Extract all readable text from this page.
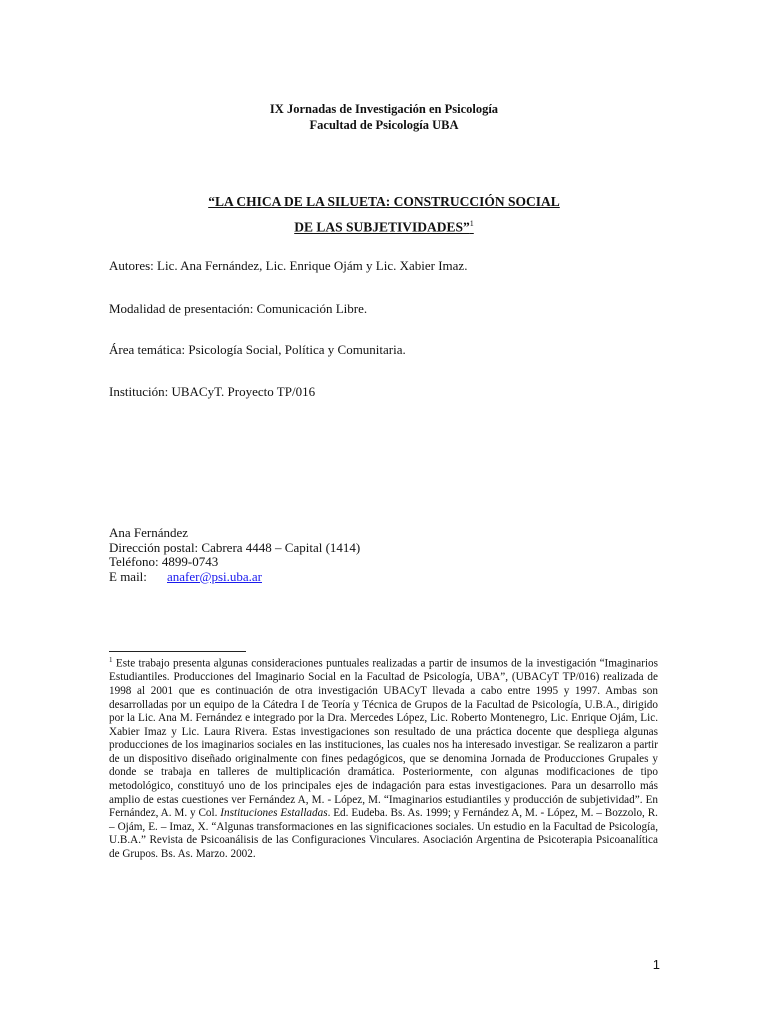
IX Jornadas de Investigación en Psicología
Facultad de Psicología UBA
“LA CHICA DE LA SILUETA: CONSTRUCCIÓN SOCIAL
DE LAS SUBJETIVIDADES”$^1$
Autores: Lic. Ana Fernández, Lic. Enrique Ojám y Lic. Xabier Imaz.
Modalidad de presentación: Comunicación Libre.
Área temática: Psicología Social, Política y Comunitaria.
Institución: UBACyT. Proyecto TP/016
Ana Fernández
Dirección postal: Cabrera 4448 – Capital (1414)
Teléfono: 4899-0743
E mail: anafer@psi.uba.ar
$^1$ Este trabajo presenta algunas consideraciones puntuales realizadas a partir de insumos de la investigación “Imaginarios Estudiantiles. Producciones del Imaginario Social en la Facultad de Psicología, UBA”, (UBACyT TP/016) realizada de 1998 al 2001 que es continuación de otra investigación UBACyT llevada a cabo entre 1995 y 1997. Ambas son desarrolladas por un equipo de la Cátedra I de Teoría y Técnica de Grupos de la Facultad de Psicología, U.B.A., dirigido por la Lic. Ana M. Fernández e integrado por la Dra. Mercedes López, Lic. Roberto Montenegro, Lic. Enrique Ojám, Lic. Xabier Imaz y Lic. Laura Rivera. Estas investigaciones son resultado de una práctica docente que despliega algunas producciones de los imaginarios sociales en las instituciones, las cuales nos ha interesado investigar. Se realizaron a partir de un dispositivo diseñado originalmente con fines pedagógicos, que se denomina Jornada de Producciones Grupales y donde se trabaja en talleres de multiplicación dramática. Posteriormente, con algunas modificaciones de tipo metodológico, constituyó uno de los principales ejes de indagación para estas investigaciones. Para un desarrollo más amplio de estas cuestiones ver Fernández A, M. - López, M. “Imaginarios estudiantiles y producción de subjetividad”. En Fernández, A. M. y Col. Instituciones Estalladas. Ed. Eudeba. Bs. As. 1999; y Fernández A, M. - López, M. – Bozzolo, R. – Ojám, E. – Imaz, X. “Algunas transformaciones en las significaciones sociales. Un estudio en la Facultad de Psicología, U.B.A.” Revista de Psicoanálisis de las Configuraciones Vinculares. Asociación Argentina de Psicoterapia Psicoanalítica de Grupos. Bs. As. Marzo. 2002.
1
